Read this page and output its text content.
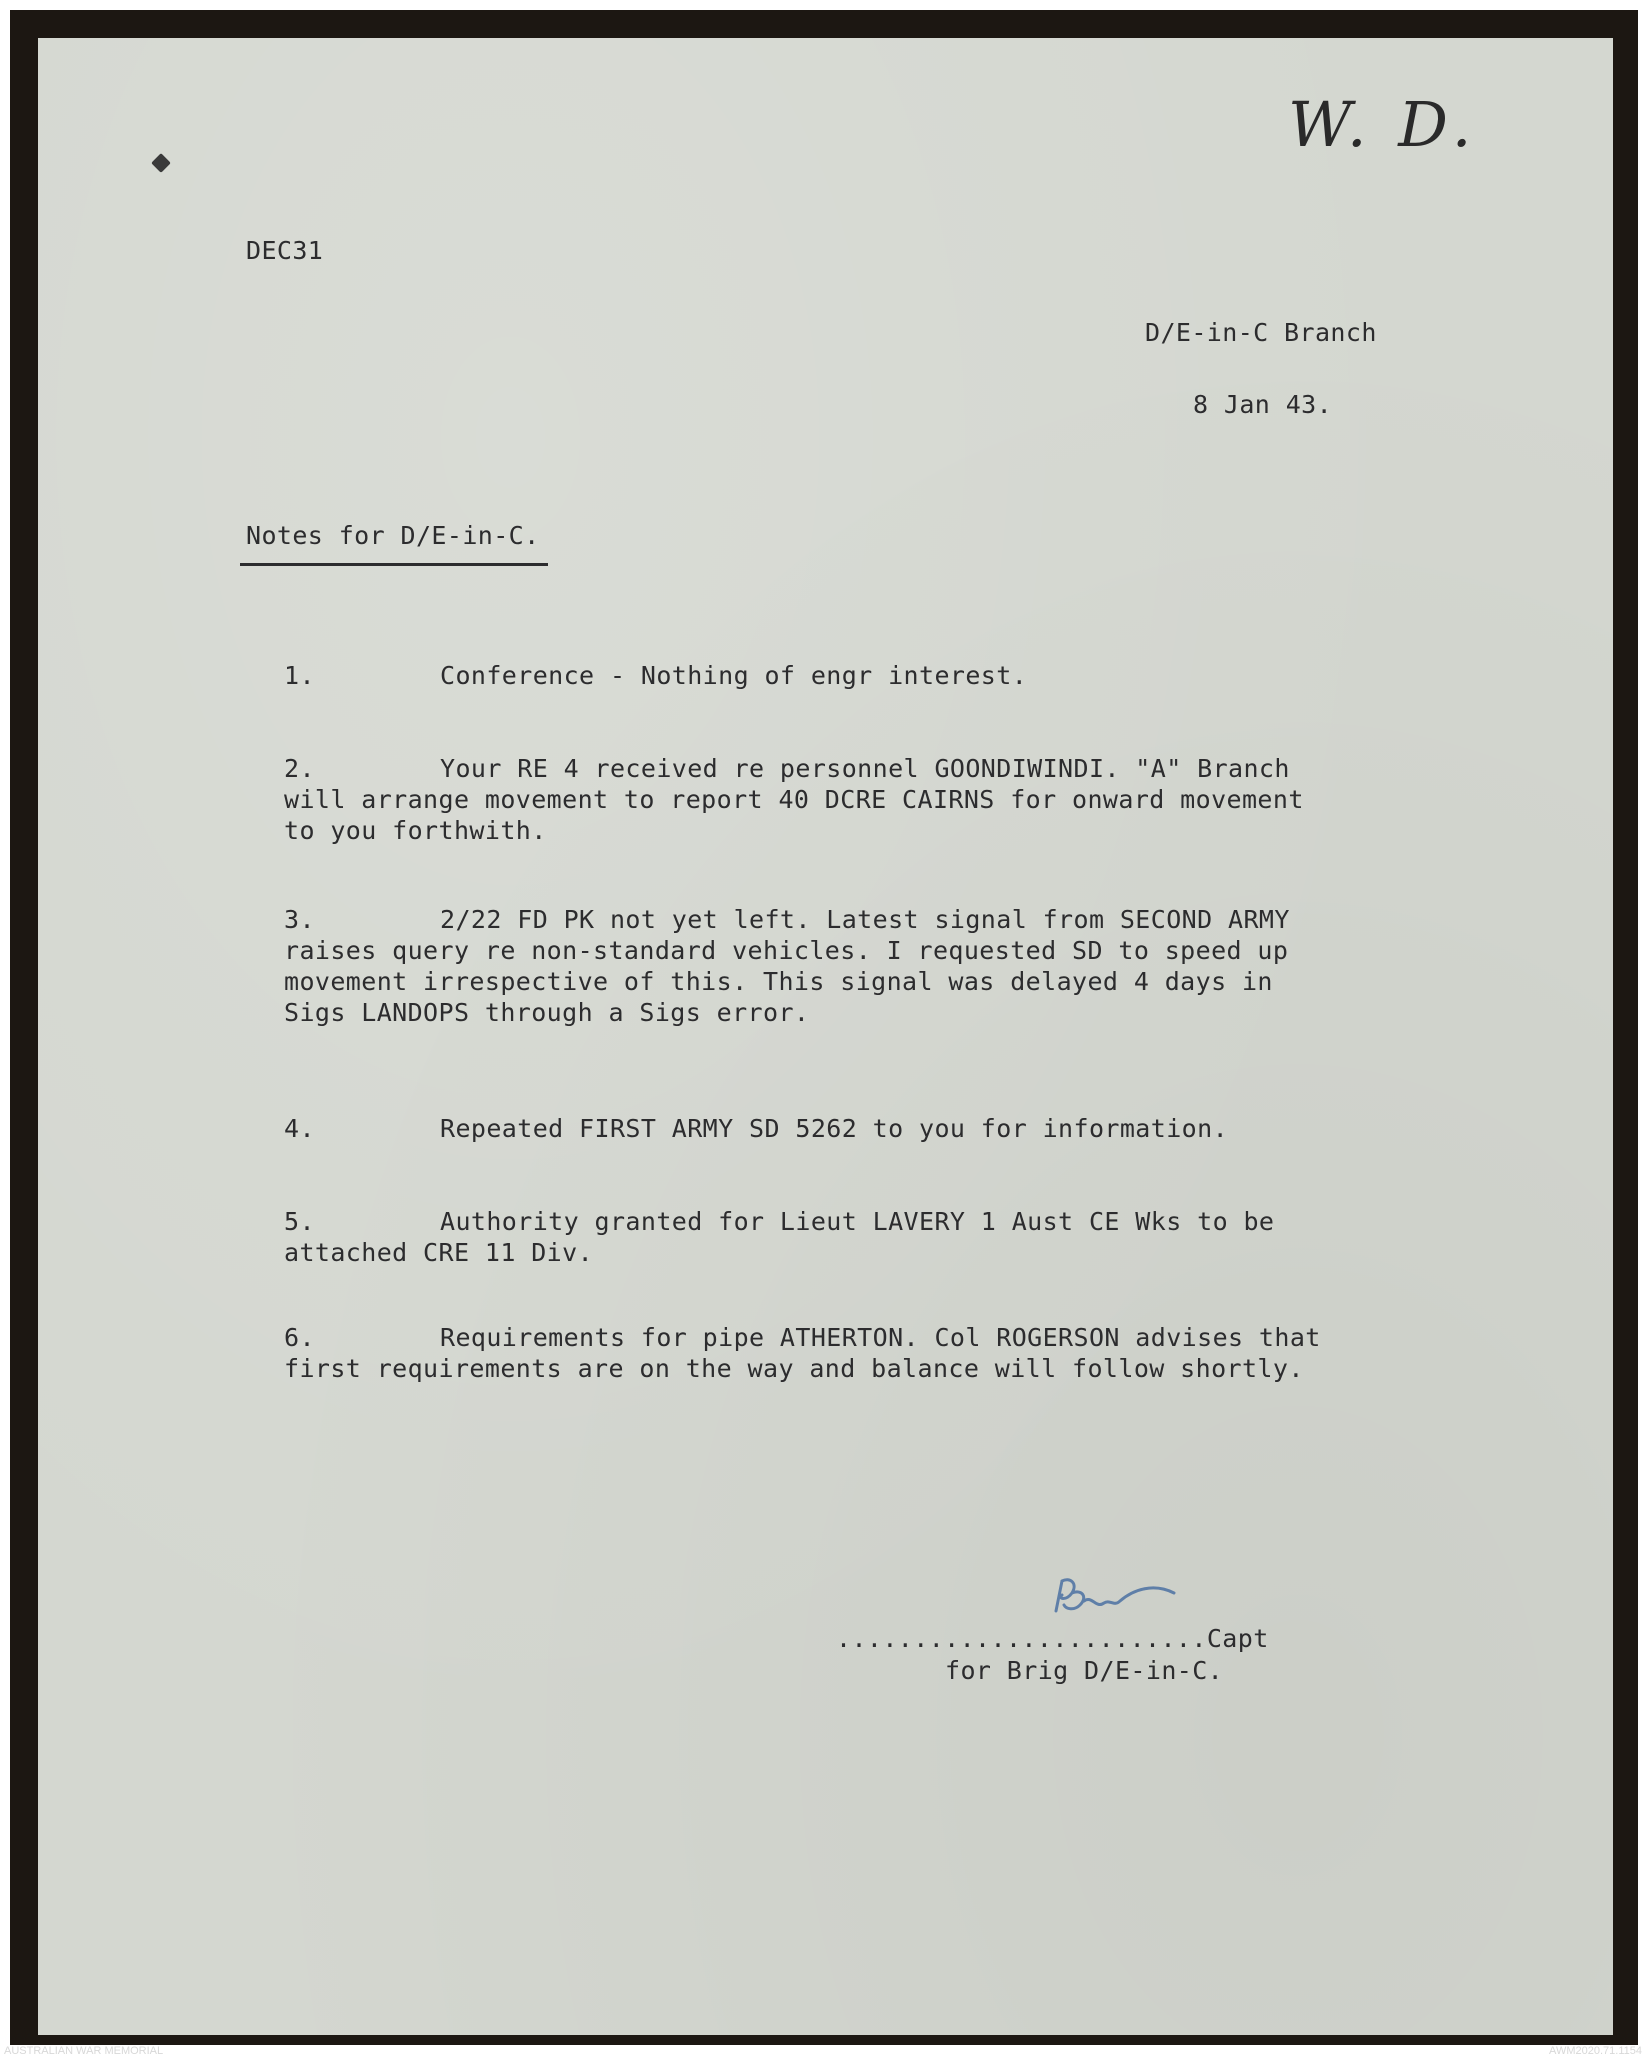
W. D.
DEC31
D/E-in-C Branch
8 Jan 43.
Notes for D/E-in-C.
1.	Conference - Nothing of engr interest.
2.	Your RE 4 received re personnel GOONDIWINDI. "A" Branch will arrange movement to report 40 DCRE CAIRNS for onward movement to you forthwith.
3.	2/22 FD PK not yet left. Latest signal from SECOND ARMY raises query re non-standard vehicles. I requested SD to speed up movement irrespective of this. This signal was delayed 4 days in Sigs LANDOPS through a Sigs error.
4.	Repeated FIRST ARMY SD 5262 to you for information.
5.	Authority granted for Lieut LAVERY 1 Aust CE Wks to be attached CRE 11 Div.
6.	Requirements for pipe ATHERTON. Col ROGERSON advises that first requirements are on the way and balance will follow shortly.
........................Capt
for Brig D/E-in-C.
AUSTRALIAN WAR MEMORIAL	AWM2020.71.1154
